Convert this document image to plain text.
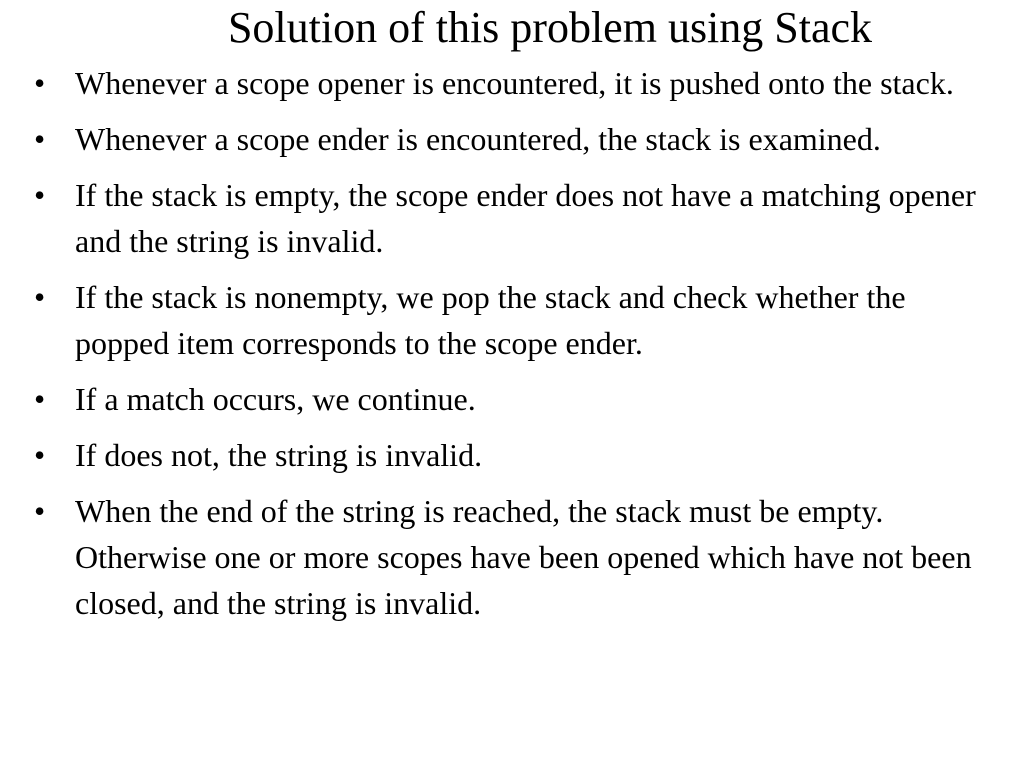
Solution of this problem using Stack
• Whenever a scope opener is encountered, it is pushed onto the stack.
• Whenever a scope ender is encountered, the stack is examined.
• If the stack is empty, the scope ender does not have a matching opener and the string is invalid.
• If the stack is nonempty, we pop the stack and check whether the popped item corresponds to the scope ender.
• If a match occurs, we continue.
• If does not, the string is invalid.
• When the end of the string is reached, the stack must be empty. Otherwise one or more scopes have been opened which have not been closed, and the string is invalid.
